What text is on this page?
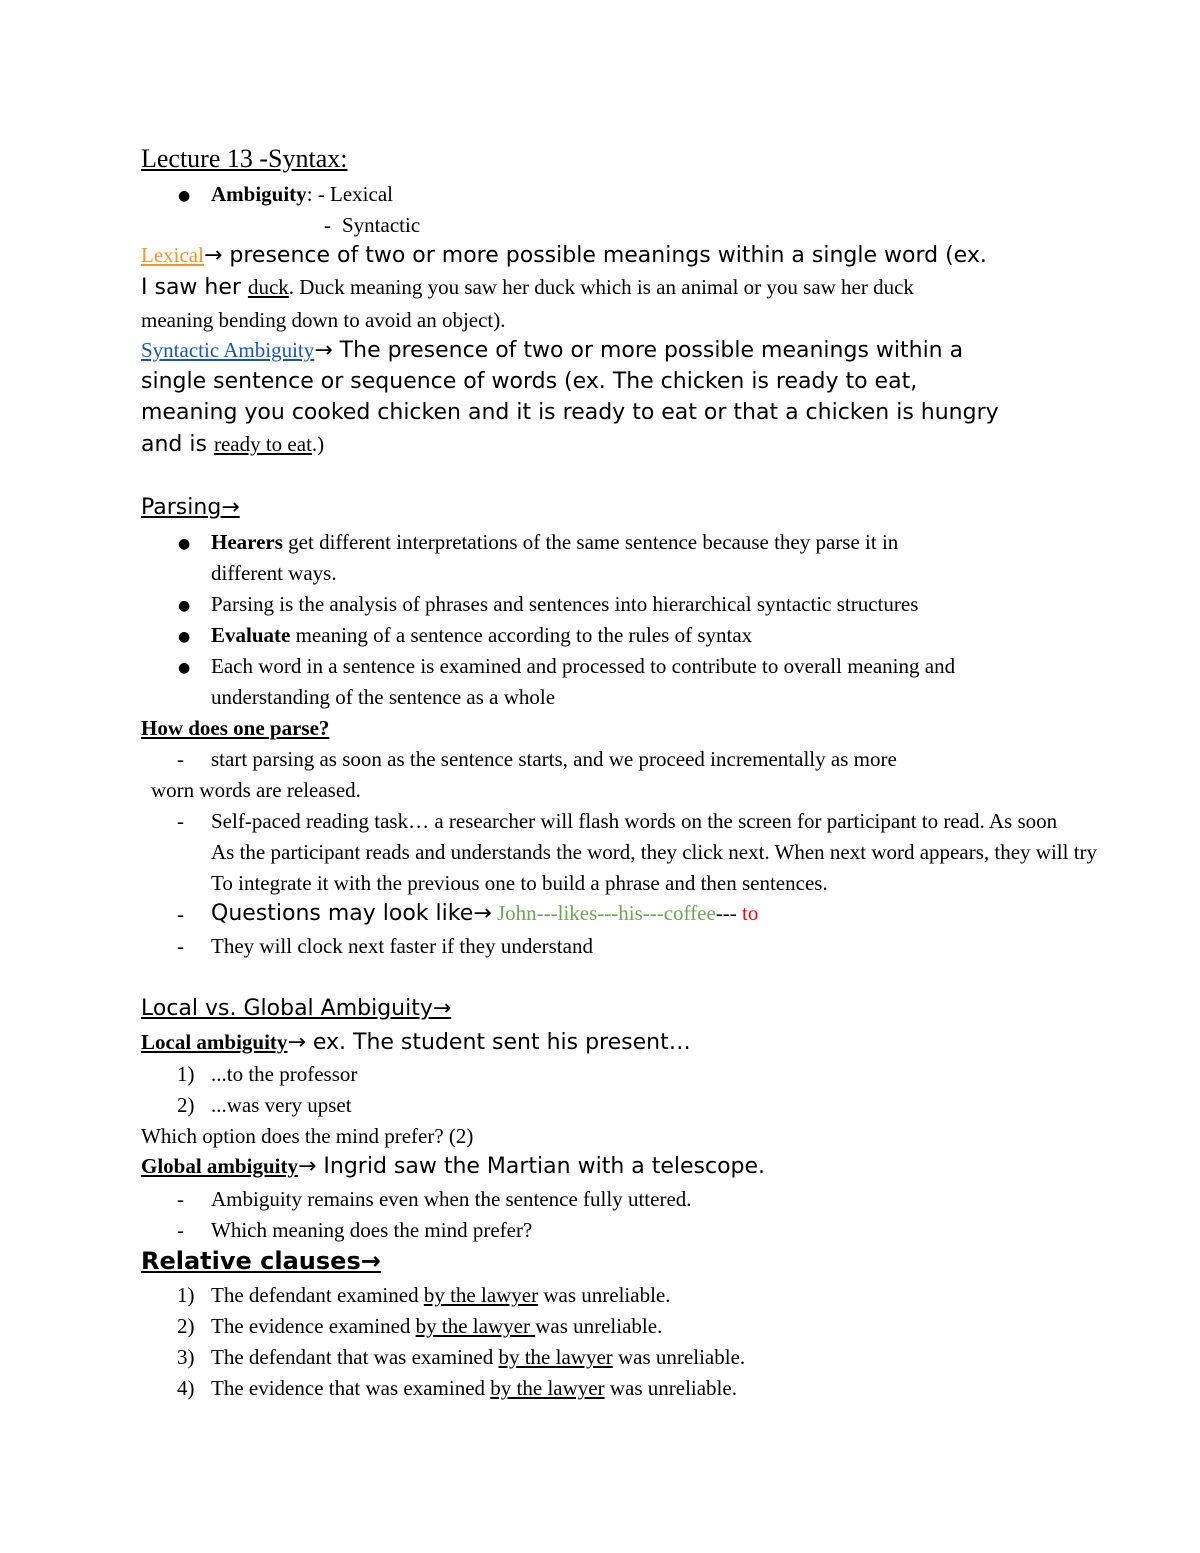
Lecture 13 -Syntax:
● Ambiguity: - Lexical
- Syntactic
Lexical→ presence of two or more possible meanings within a single word (ex.
I saw her duck. Duck meaning you saw her duck which is an animal or you saw her duck
meaning bending down to avoid an object).
Syntactic Ambiguity→ The presence of two or more possible meanings within a
single sentence or sequence of words (ex. The chicken is ready to eat,
meaning you cooked chicken and it is ready to eat or that a chicken is hungry
and is ready to eat.)
Parsing→
● Hearers get different interpretations of the same sentence because they parse it in
different ways.
● Parsing is the analysis of phrases and sentences into hierarchical syntactic structures
● Evaluate meaning of a sentence according to the rules of syntax
● Each word in a sentence is examined and processed to contribute to overall meaning and
understanding of the sentence as a whole
How does one parse?
- start parsing as soon as the sentence starts, and we proceed incrementally as more
worn words are released.
- Self-paced reading task… a researcher will flash words on the screen for participant to read. As soon
As the participant reads and understands the word, they click next. When next word appears, they will try
To integrate it with the previous one to build a phrase and then sentences.
- Questions may look like→ John---likes---his---coffee--- to
- They will clock next faster if they understand
Local vs. Global Ambiguity→
Local ambiguity→ ex. The student sent his present…
1) ...to the professor
2) ...was very upset
Which option does the mind prefer? (2)
Global ambiguity→ Ingrid saw the Martian with a telescope.
- Ambiguity remains even when the sentence fully uttered.
- Which meaning does the mind prefer?
Relative clauses→
1) The defendant examined by the lawyer was unreliable.
2) The evidence examined by the lawyer was unreliable.
3) The defendant that was examined by the lawyer was unreliable.
4) The evidence that was examined by the lawyer was unreliable.
